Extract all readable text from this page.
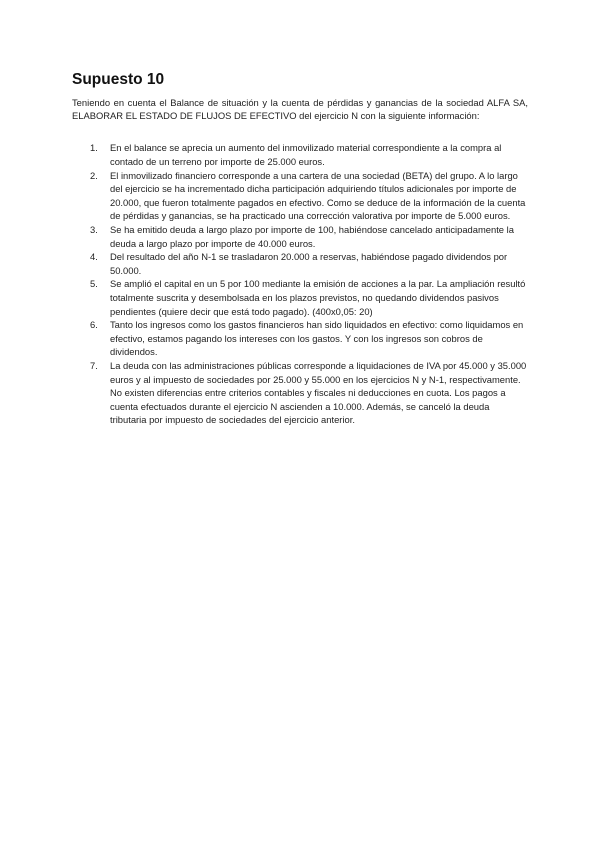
Supuesto 10

Teniendo en cuenta el Balance de situación y la cuenta de pérdidas y ganancias de la sociedad ALFA SA, ELABORAR EL ESTADO DE FLUJOS DE EFECTIVO del ejercicio N con la siguiente información:

1.	En el balance se aprecia un aumento del inmovilizado material correspondiente a la compra al contado de un terreno por importe de 25.000 euros.
2.	El inmovilizado financiero corresponde a una cartera de una sociedad (BETA) del grupo. A lo largo del ejercicio se ha incrementado dicha participación adquiriendo títulos adicionales por importe de 20.000, que fueron totalmente pagados en efectivo. Como se deduce de la información de la cuenta de pérdidas y ganancias, se ha practicado una corrección valorativa por importe de 5.000 euros.
3.	Se ha emitido deuda a largo plazo por importe de 100, habiéndose cancelado anticipadamente la deuda a largo plazo por importe de 40.000 euros.
4.	Del resultado del año N-1 se trasladaron 20.000 a reservas, habiéndose pagado dividendos por 50.000.
5.	Se amplió el capital en un 5 por 100 mediante la emisión de acciones a la par. La ampliación resultó totalmente suscrita y desembolsada en los plazos previstos, no quedando dividendos pasivos pendientes (quiere decir que está todo pagado). (400x0,05: 20)
6.	Tanto los ingresos como los gastos financieros han sido liquidados en efectivo: como liquidamos en efectivo, estamos pagando los intereses con los gastos. Y con los ingresos son cobros de dividendos.
7.	La deuda con las administraciones públicas corresponde a liquidaciones de IVA por 45.000 y 35.000 euros y al impuesto de sociedades por 25.000 y 55.000 en los ejercicios N y N-1, respectivamente. No existen diferencias entre criterios contables y fiscales ni deducciones en cuota. Los pagos a cuenta efectuados durante el ejercicio N ascienden a 10.000. Además, se canceló la deuda tributaria por impuesto de sociedades del ejercicio anterior.
